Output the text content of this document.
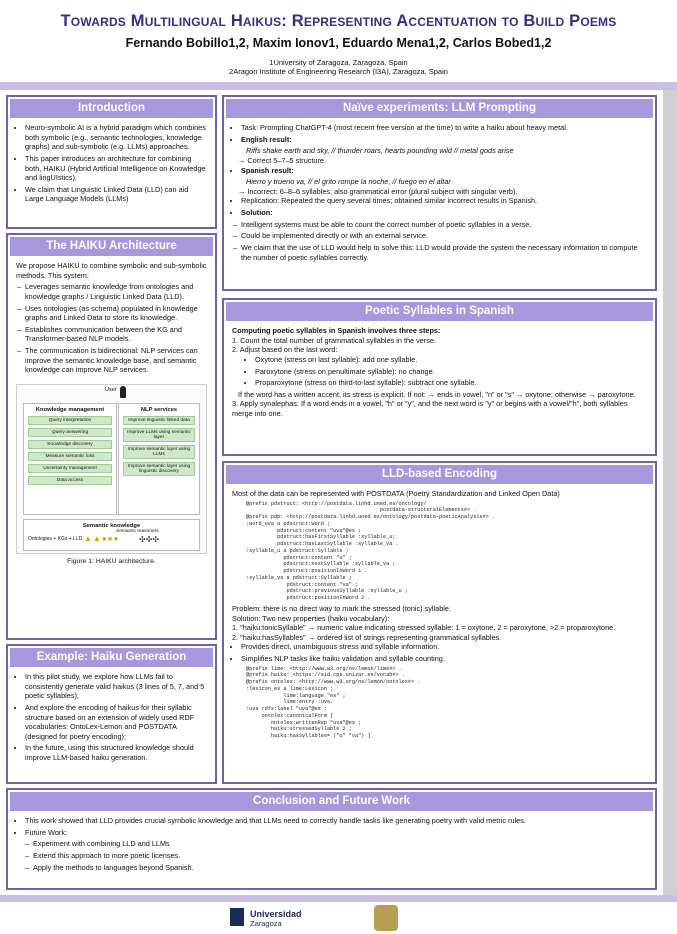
Towards Multilingual Haikus: Representing Accentuation to Build Poems
Fernando Bobillo1,2, Maxim Ionov1, Eduardo Mena1,2, Carlos Bobed1,2
1University of Zaragoza, Zaragoza, Spain
2Aragon Institute of Engineering Research (I3A), Zaragoza, Spain
Introduction
• Neuro-symbolic AI is a hybrid paradigm which combines both symbolic (e.g., semantic technologies, knowledge graphs) and sub-symbolic (e.g. LLMs) approaches.
• This paper introduces an architecture for combining both, HAIKU (Hybrid Artificial Intelligence on Knowledge and lingUIstics).
• We claim that Linguistic Linked Data (LLD) can aid Large Language Models (LLMs)
The HAIKU Architecture
We propose HAIKU to combine symbolic and sub-symbolic methods. This system:
– Leverages semantic knowledge from ontologies and knowledge graphs / Linguistic Linked Data (LLD).
– Uses ontologies (as schema) populated in knowledge graphs and Linked Data to store its knowledge.
– Establishes communication between the KG and Transformer-based NLP models.
– The communication is bidirectional: NLP services can improve the semantic knowledge base, and semantic knowledge can improve NLP services.
User
Knowledge management
Query interpretation
Query answering
Knowledge discovery
Measure semantic loss
Uncertainty management
Data access
NLP services
Improve linguistic linked data
Improve LLMs using semantic layer
Improve semantic layer using LLMs
Improve semantic layer using linguistic discovery
Semantic knowledge
Ontologies + KGs + LLD
Semantic reasoners
▲▲●●● ✣✣✣
Figure 1: HAIKU architecture.
Example: Haiku Generation
• In this pilot study, we explore how LLMs fail to consistently generate valid haikus (3 lines of 5, 7, and 5 poetic syllables);
• And explore the encoding of haikus for their syllabic structure based on an extension of widely used RDF vocabularies: OntoLex-Lemon and POSTDATA (designed for poetry encoding);
• In the future, using this structured knowledge should improve LLM-based haiku generation.
Naïve experiments: LLM Prompting
• Task: Prompting ChatGPT-4 (most recent free version at the time) to write a haiku about heavy metal.
• English result:
Riffs shake earth and sky, // thunder roars, hearts pounding wild // metal gods arise
→ Correct 5–7–5 structure.
• Spanish result:
Hierro y trueno va, // el grito rompe la noche, // fuego en el altar
→ Incorrect: 6–8–6 syllables; also grammatical error (plural subject with singular verb).
• Replication: Repeated the query several times; obtained similar incorrect results in Spanish.
• Solution:
– Intelligent systems must be able to count the correct number of poetic syllables in a verse.
– Could be implemented directly or with an external service.
– We claim that the use of LLD would help to solve this: LLD would provide the system the necessary information to compute the number of poetic syllables correctly.
Poetic Syllables in Spanish
Computing poetic syllables in Spanish involves three steps:
1. Count the total number of grammatical syllables in the verse.
2. Adjust based on the last word:
• Oxytone (stress on last syllable): add one syllable.
• Paroxytone (stress on penultimate syllable): no change.
• Proparoxytone (stress on third-to-last syllable): subtract one syllable.
If the word has a written accent, its stress is explicit. If not: → ends in vowel, "n" or "s" → oxytone; otherwise → paroxytone.
3. Apply synalephas: If a word ends in a vowel, "h" or "y", and the next word is "y" or begins with a vowel/"h", both syllables merge into one.
LLD-based Encoding
Most of the data can be represented with POSTDATA (Poetry Standardization and Linked Open Data)
@prefix pdstruct: <http://postdata.linhd.uned.es/ontology/
postdata-structuralElements#> .
@prefix pdp: <http://postdata.linhd.uned.es/ontology/postdata-poeticAnalysis#> .
:word_uva a pdstruct:Word ;
pdstruct:content "uva"@es ;
pdstruct:hasFirstSyllable :syllable_u;
pdstruct:hasLastSyllable :syllable_va .
:syllable_u a pdstruct:Syllable ;
pdstruct:content "u" ;
pdstruct:nextSyllable :syllable_va ;
pdstruct:positionInWord 1 .
:syllable_va a pdstruct:Syllable ;
pdstruct:content "va" ;
pdstruct:previousSyllable :syllable_u ;
pdstruct:positionInWord 2 .
Problem: there is no direct way to mark the stressed (tonic) syllable.
Solution: Two new properties (haiku vocabulary):
1. "haiku:tonicSyllable" → numeric value indicating stressed syllable: 1 = oxytone, 2 = paroxytone, >2 = proparoxytone.
2. "haiku:hasSyllables" → ordered list of strings representing grammatical syllables.
• Provides direct, unambiguous stress and syllable information.
• Simplifies NLP tasks like haiku validation and syllable counting.
@prefix lime: <http://www.w3.org/ns/lemon/lime#> .
@prefix haiku: <https://sid.cps.unizar.es/vocab#> .
@prefix ontolex: <http://www.w3.org/ns/lemon/ontolex#> .
:lexicon_es a lime:Lexicon ;
lime:language "es" ;
lime:entry :uva.
:uva rdfs:label "uva"@es ;
ontolex:canonicalForm [
ontolex:writtenRep "uva"@es ;
haiku:stressedSyllable 2 ;
haiku:hasSyllables= ("u" "va") ]
Conclusion and Future Work
• This work showed that LLD provides crucial symbolic knowledge and that LLMs need to correctly handle tasks like generating poetry with valid metric rules.
• Future Work:
– Experiment with combining LLD and LLMs
– Extend this approach to more poetic licenses.
– Apply the methods to languages beyond Spanish.
Universidad
Zaragoza
